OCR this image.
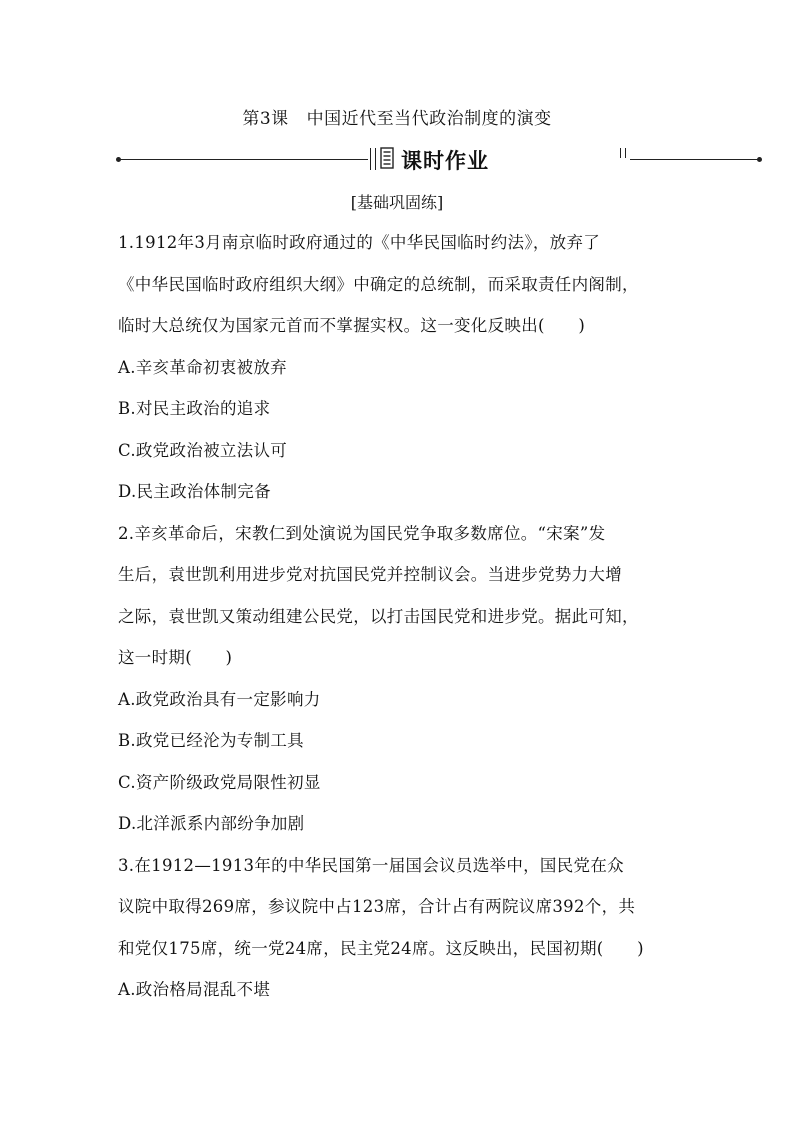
第3课 中国近代至当代政治制度的演变
课时作业
[基础巩固练]
1.1912年3月南京临时政府通过的《中华民国临时约法》，放弃了
《中华民国临时政府组织大纲》中确定的总统制，而采取责任内阁制，
临时大总统仅为国家元首而不掌握实权。这一变化反映出(　　)
A.辛亥革命初衷被放弃
B.对民主政治的追求
C.政党政治被立法认可
D.民主政治体制完备
2.辛亥革命后，宋教仁到处演说为国民党争取多数席位。“宋案”发
生后，袁世凯利用进步党对抗国民党并控制议会。当进步党势力大增
之际，袁世凯又策动组建公民党，以打击国民党和进步党。据此可知，
这一时期(　　)
A.政党政治具有一定影响力
B.政党已经沦为专制工具
C.资产阶级政党局限性初显
D.北洋派系内部纷争加剧
3.在1912—1913年的中华民国第一届国会议员选举中，国民党在众
议院中取得269席，参议院中占123席，合计占有两院议席392个，共
和党仅175席，统一党24席，民主党24席。这反映出，民国初期(　　)
A.政治格局混乱不堪
